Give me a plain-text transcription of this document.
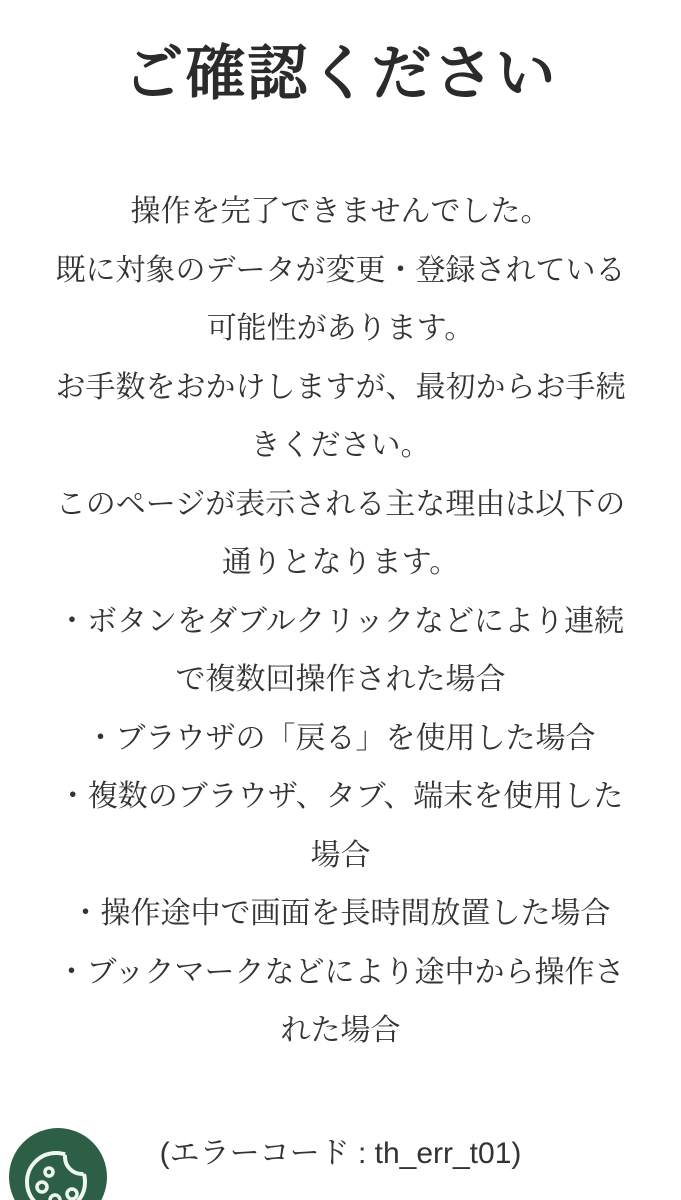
ご確認ください
操作を完了できませんでした。
既に対象のデータが変更・登録されている
可能性があります。
お手数をおかけしますが、最初からお手続
きください。
このページが表示される主な理由は以下の
通りとなります。
・ボタンをダブルクリックなどにより連続
で複数回操作された場合
・ブラウザの「戻る」を使用した場合
・複数のブラウザ、タブ、端末を使用した
場合
・操作途中で画面を長時間放置した場合
・ブックマークなどにより途中から操作さ
れた場合
(エラーコード : th_err_t01)
